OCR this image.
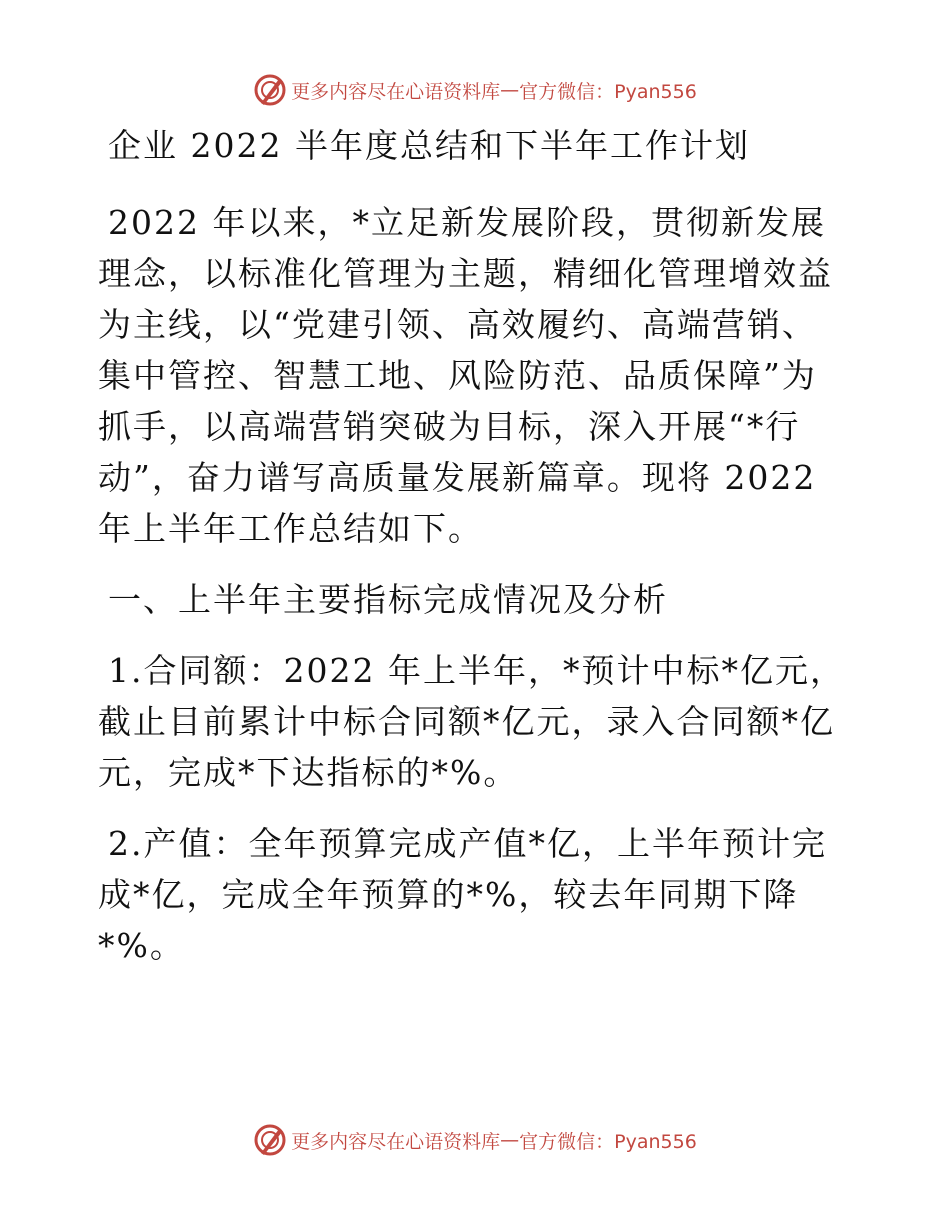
更多内容尽在心语资料库 — 官方微信：Pyan556
企业 2022 半年度总结和下半年工作计划
2022 年以来，*立足新发展阶段，贯彻新发展理念，以标准化管理为主题，精细化管理增效益为主线，以“党建引领、高效履约、高端营销、集中管控、智慧工地、风险防范、品质保障”为抓手，以高端营销突破为目标，深入开展“*行动”，奋力谱写高质量发展新篇章。现将 2022 年上半年工作总结如下。
一、上半年主要指标完成情况及分析
1.合同额：2022 年上半年，*预计中标*亿元，截止目前累计中标合同额*亿元，录入合同额*亿元，完成*下达指标的*%。
2.产值：全年预算完成产值*亿，上半年预计完成*亿，完成全年预算的*%，较去年同期下降*%。
更多内容尽在心语资料库 — 官方微信：Pyan556
